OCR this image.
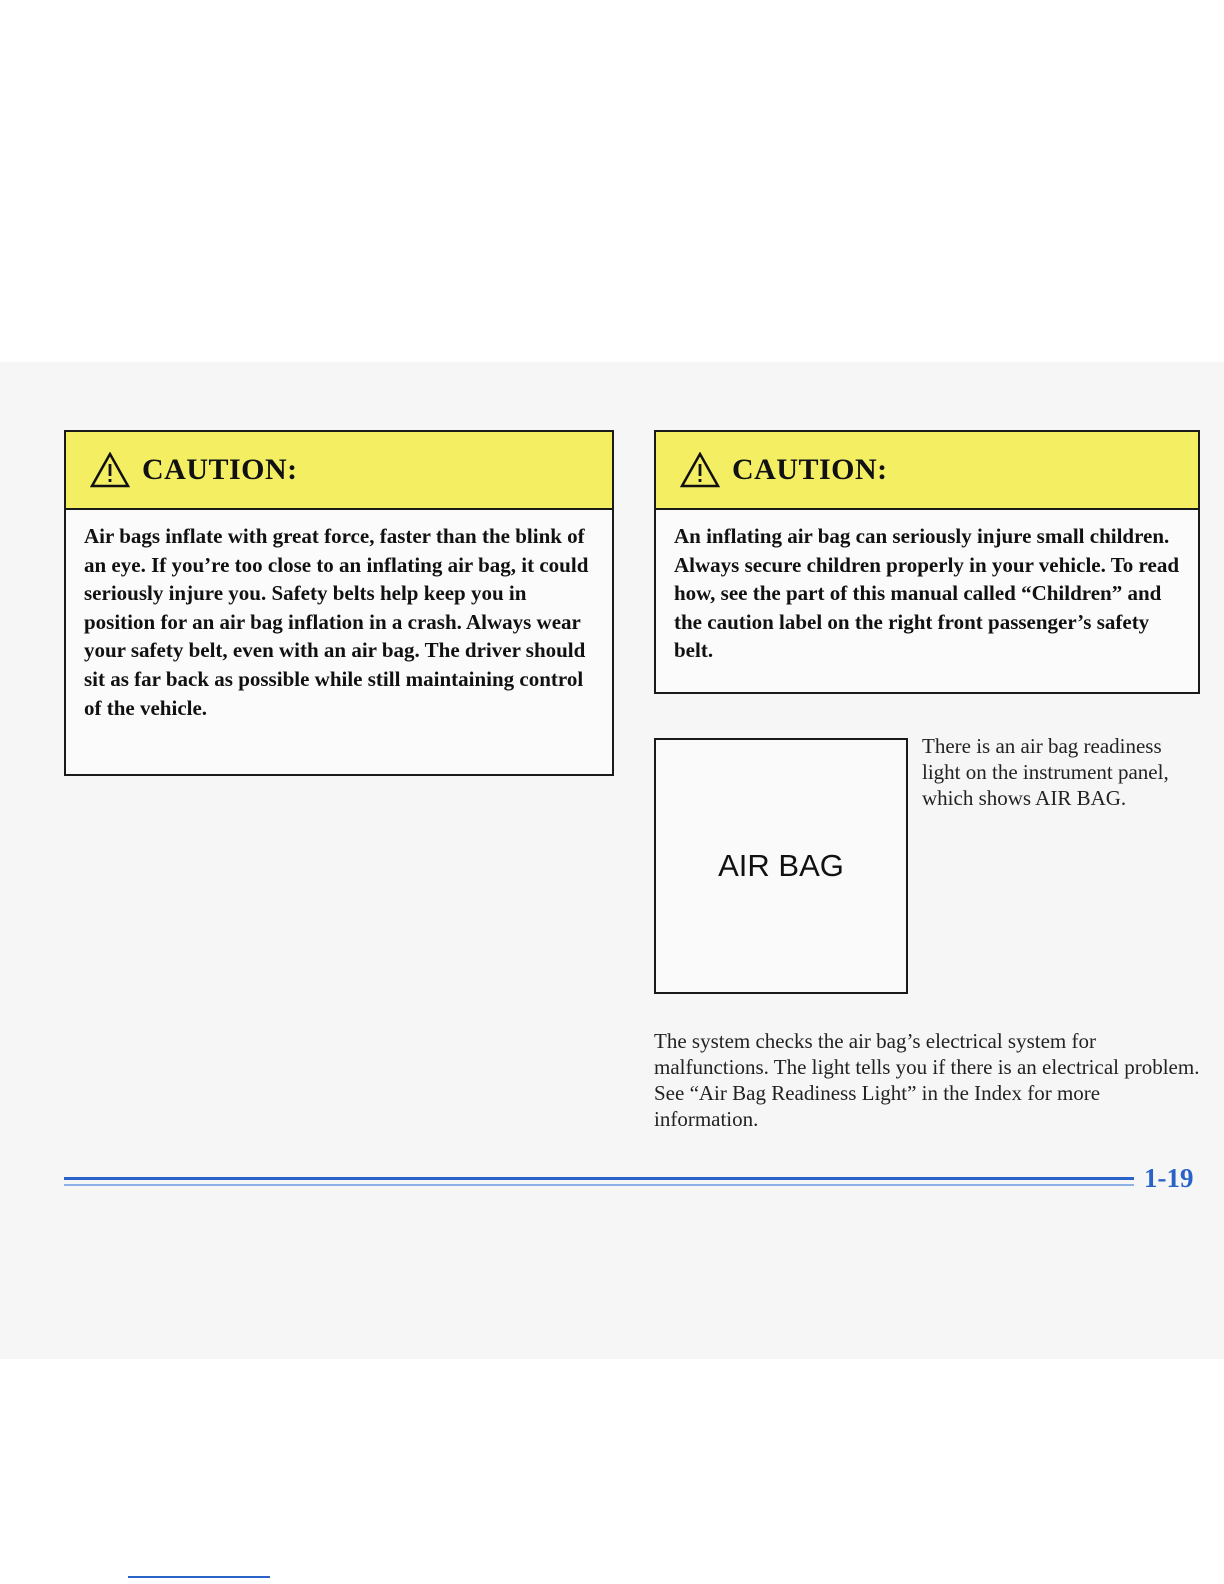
CAUTION:
Air bags inflate with great force, faster than the blink of an eye. If you’re too close to an inflating air bag, it could seriously injure you. Safety belts help keep you in position for an air bag inflation in a crash. Always wear your safety belt, even with an air bag. The driver should sit as far back as possible while still maintaining control of the vehicle.
CAUTION:
An inflating air bag can seriously injure small children. Always secure children properly in your vehicle. To read how, see the part of this manual called “Children” and the caution label on the right front passenger’s safety belt.
AIR BAG
There is an air bag readiness light on the instrument panel, which shows AIR BAG.
The system checks the air bag’s electrical system for malfunctions. The light tells you if there is an electrical problem. See “Air Bag Readiness Light” in the Index for more information.
1-19
